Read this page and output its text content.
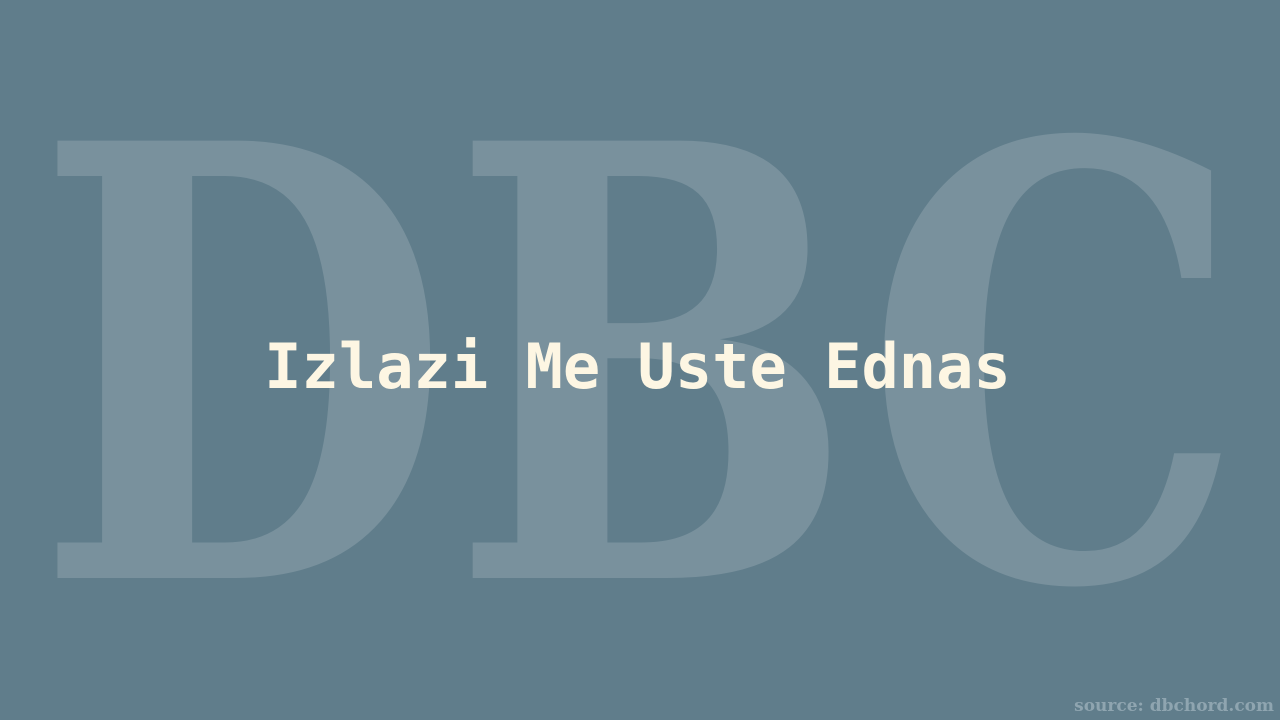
DBC
Izlazi Me Uste Ednas
source: dbchord.com
